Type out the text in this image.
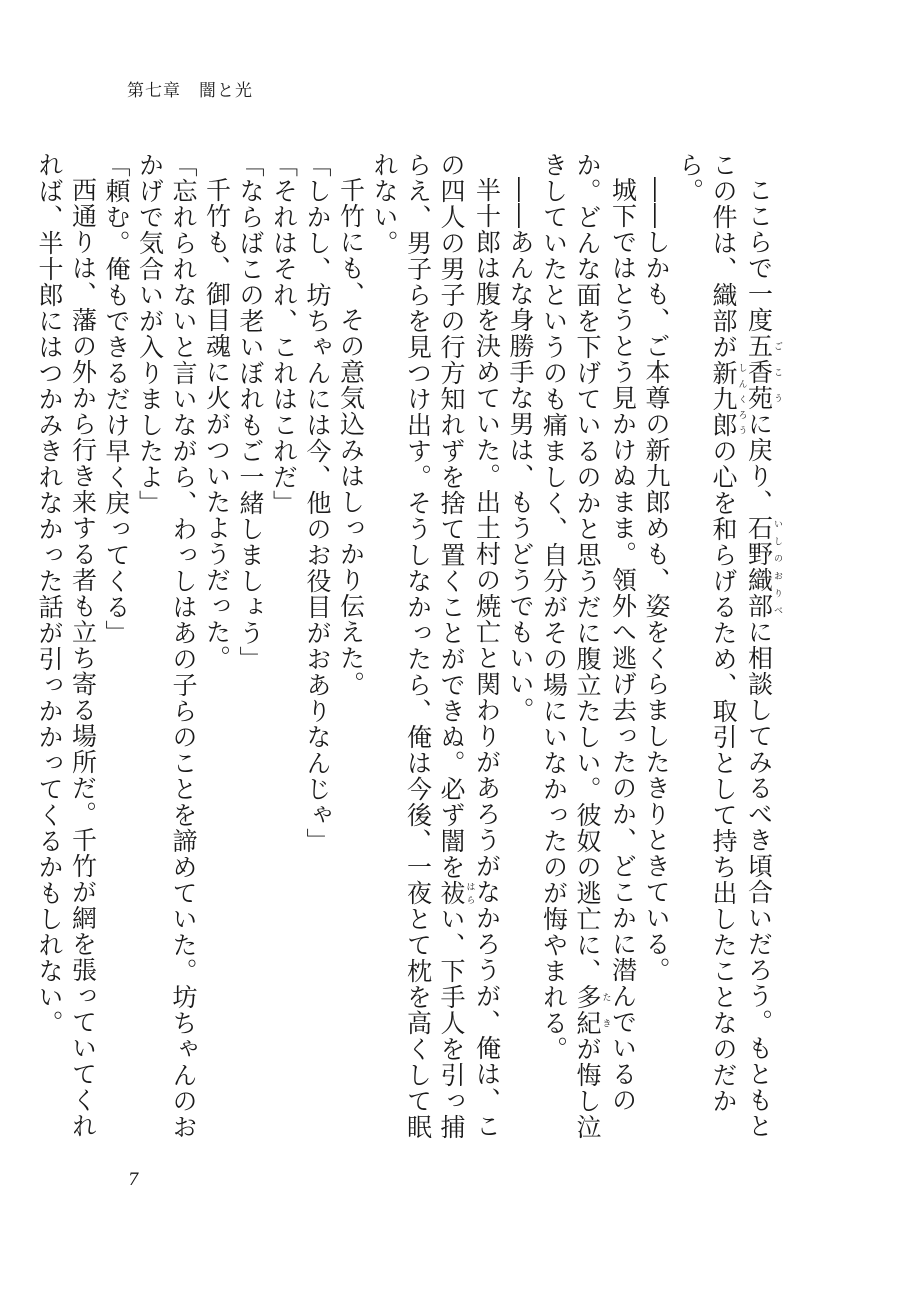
第七章　闇と光

ここらで一度五香苑ごこうに戻り、石野いしの織部おりべに相談してみるべき頃合いだろう。もともとこの件は、織部が新九郎しんくろうの心を和らげるため、取引として持ち出したことなのだから。

――しかも、ご本尊の新九郎めも、姿をくらましたきりときている。

城下ではとうとう見かけぬまま。領外へ逃げ去ったのか、どこかに潜んでいるのか。どんな面を下げているのかと思うだに腹立たしい。彼奴の逃亡に、多紀たきが悔し泣きしていたというのも痛ましく、自分がその場にいなかったのが悔やまれる。

――あんな身勝手な男は、もうどうでもいい。

半十郎は腹を決めていた。出土村の焼亡と関わりがあろうがなかろうが、俺は、この四人の男子の行方知れずを捨て置くことができぬ。必ず闇を祓はらい、下手人を引っ捕らえ、男子らを見つけ出す。そうしなかったら、俺は今後、一夜とて枕を高くして眠れない。

千竹にも、その意気込みはしっかり伝えた。

「しかし、坊ちゃんには今、他のお役目がおありなんじゃ」

「それはそれ、これはこれだ」

「ならばこの老いぼれもご一緒しましょう」

千竹も、御目魂に火がついたようだった。

「忘れられないと言いながら、わっしはあの子らのことを諦めていた。坊ちゃんのおかげで気合いが入りましたよ」

「頼む。俺もできるだけ早く戻ってくる」

西通りは、藩の外から行き来する者も立ち寄る場所だ。千竹が網を張っていてくれれば、半十郎にはつかみきれなかった話が引っかかってくるかもしれない。

7
